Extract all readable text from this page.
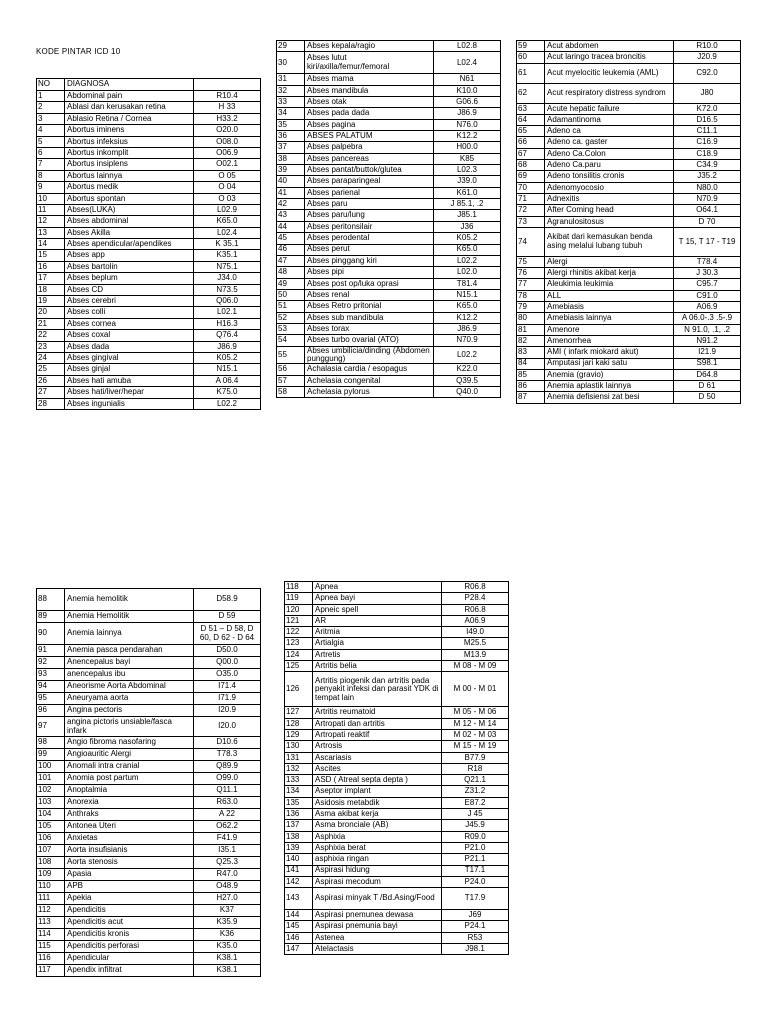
KODE PINTAR ICD 10
NO	DIAGNOSA	
1	Abdominal pain	R10.4
2	Ablasi dan kerusakan retina	H 33
3	Ablasio Retina / Cornea	H33.2
4	Abortus iminens	O20.0
5	Abortus infeksius	O08.0
6	Abortus inkomplit	O06.9
7	Abortus insiplens	O02.1
8	Abortus lainnya	O 05
9	Abortus medik	O 04
10	Abortus spontan	O 03
11	Abses(LUKA)	L02.9
12	Abses abdominal	K65.0
13	Abses Akilla	L02.4
14	Abses apendicular/apendikes	K 35.1
15	Abses app	K35.1
16	Abses bartolin	N75.1
17	Abses beplum	J34.0
18	Abses CD	N73.5
19	Abses cerebri	Q06.0
20	Abses colli	L02.1
21	Abses cornea	H16.3
22	Abses coxal	Q76.4
23	Abses dada	J86.9
24	Abses gingival	K05.2
25	Abses ginjal	N15.1
26	Abses hati amuba	A 06.4
27	Abses hati/liver/hepar	K75.0
28	Abses ingunialis	L02.2
29	Abses kepala/ragio	L02.8
30	Abses lutut kiri/axilla/femur/femoral	L02.4
31	Abses mama	N61
32	Abses mandibula	K10.0
33	Abses otak	G06.6
34	Abses pada dada	J86.9
35	Abses pagina	N76.0
36	ABSES PALATUM	K12.2
37	Abses palpebra	H00.0
38	Abses pancereas	K85
39	Abses pantat/buttok/glutea	L02.3
40	Abses paraparingeal	J39.0
41	Abses parienal	K61.0
42	Abses paru	J 85.1, .2
43	Abses paru/lung	J85.1
44	Abses peritonsilair	J36
45	Abses perodental	K05.2
46	Abses perut	K65.0
47	Abses pinggang kiri	L02.2
48	Abses pipi	L02.0
49	Abses post op/luka oprasi	T81.4
50	Abses renal	N15.1
51	Abses Retro pritonial	K65.0
52	Abses sub mandibula	K12.2
53	Abses torax	J86.9
54	Abses turbo ovarial (ATO)	N70.9
55	Abses umbilicia/dinding (Abdomen punggung)	L02.2
56	Achalasia cardia / esopagus	K22.0
57	Achelasia congenital	Q39.5
58	Achelasia pylorus	Q40.0
59	Acut abdomen	R10.0
60	Acut laringo tracea broncitis	J20.9
61	Acut myelocitic leukemia (AML)	C92.0
62	Acut respiratory distress syndrom	J80
63	Acute hepatic failure	K72.0
64	Adamantinoma	D16.5
65	Adeno ca	C11.1
66	Adeno ca. gaster	C16.9
67	Adeno Ca.Colon	C18.9
68	Adeno Ca.paru	C34.9
69	Adeno tonsilitis cronis	J35.2
70	Adenomyocosio	N80.0
71	Adnexitis	N70.9
72	After Coming head	O64.1
73	Agranulositosus	D 70
74	Akibat dari kemasukan benda asing melalui lubang tubuh	T 15, T 17 - T19
75	Alergi	T78.4
76	Alergi rhinitis akibat kerja	J 30.3
77	Aleukimia leukimia	C95.7
78	ALL	C91.0
79	Amebiasis	A06.9
80	Amebiasis lainnya	A 06.0-.3 .5-.9
81	Amenore	N 91.0, .1, .2
82	Amenorrhea	N91.2
83	AMI ( infark miokard akut)	I21.9
84	Amputasi jari kaki satu	S98.1
85	Anemia (gravio)	D64.8
86	Anemia aplastik lainnya	D 61
87	Anemia defisiensi zat besi	D 50
88	Anemia hemolitik	D58.9
89	Anemia Hemolitik	D 59
90	Anemia lainnya	D 51 – D 58, D 60, D 62 - D 64
91	Anemia pasca pendarahan	D50.0
92	Anencepalus bayi	Q00.0
93	anencepalus ibu	O35.0
94	Aneorisme Aorta Abdominal	I71.4
95	Aneuryama aorta	I71.9
96	Angina pectoris	I20.9
97	angina pictoris unsiable/fasca infark	I20.0
98	Angio fibroma nasofaring	D10.6
99	Angioauritic Alergi	T78.3
100	Anomali intra cranial	Q89.9
101	Anomia post partum	O99.0
102	Anoptalmia	Q11.1
103	Anorexia	R63.0
104	Anthraks	A 22
105	Antonea Uteri	O62.2
106	Anxietas	F41.9
107	Aorta insufisianis	I35.1
108	Aorta stenosis	Q25.3
109	Apasia	R47.0
110	APB	O48.9
111	Apekia	H27.0
112	Apendicitis	K37
113	Apendicitis acut	K35.9
114	Apendicitis kronis	K36
115	Apendicitis perforasi	K35.0
116	Apendicular	K38.1
117	Apendix infiltrat	K38.1
118	Apnea	R06.8
119	Apnea bayi	P28.4
120	Apneic spell	R06.8
121	AR	A06.9
122	Aritmia	I49.0
123	Artialgia	M25.5
124	Artretis	M13.9
125	Artritis belia	M 08 - M 09
126	Artritis piogenik dan artritis pada penyakit infeksi dan parasit YDK di tempat lain	M 00 - M 01
127	Artritis reumatoid	M 05 - M 06
128	Artropati dan artritis	M 12 - M 14
129	Artropati reaktif	M 02 - M 03
130	Artrosis	M 15 - M 19
131	Ascariasis	B77.9
132	Ascites	R18
133	ASD ( Atreal septa depta )	Q21.1
134	Aseptor implant	Z31.2
135	Asidosis metabdik	E87.2
136	Asma akibat kerja	J 45
137	Asma bronciale (AB)	J45.9
138	Asphixia	R09.0
139	Asphixia berat	P21.0
140	asphixia ringan	P21.1
141	Aspirasi hidung	T17.1
142	Aspirasi mecodum	P24.0
143	Aspirasi minyak T /Bd.Asing/Food	T17.9
144	Aspirasi pnemunea dewasa	J69
145	Aspirasi pnemunia bayi	P24.1
146	Astenea	R53
147	Atelactasis	J98.1
